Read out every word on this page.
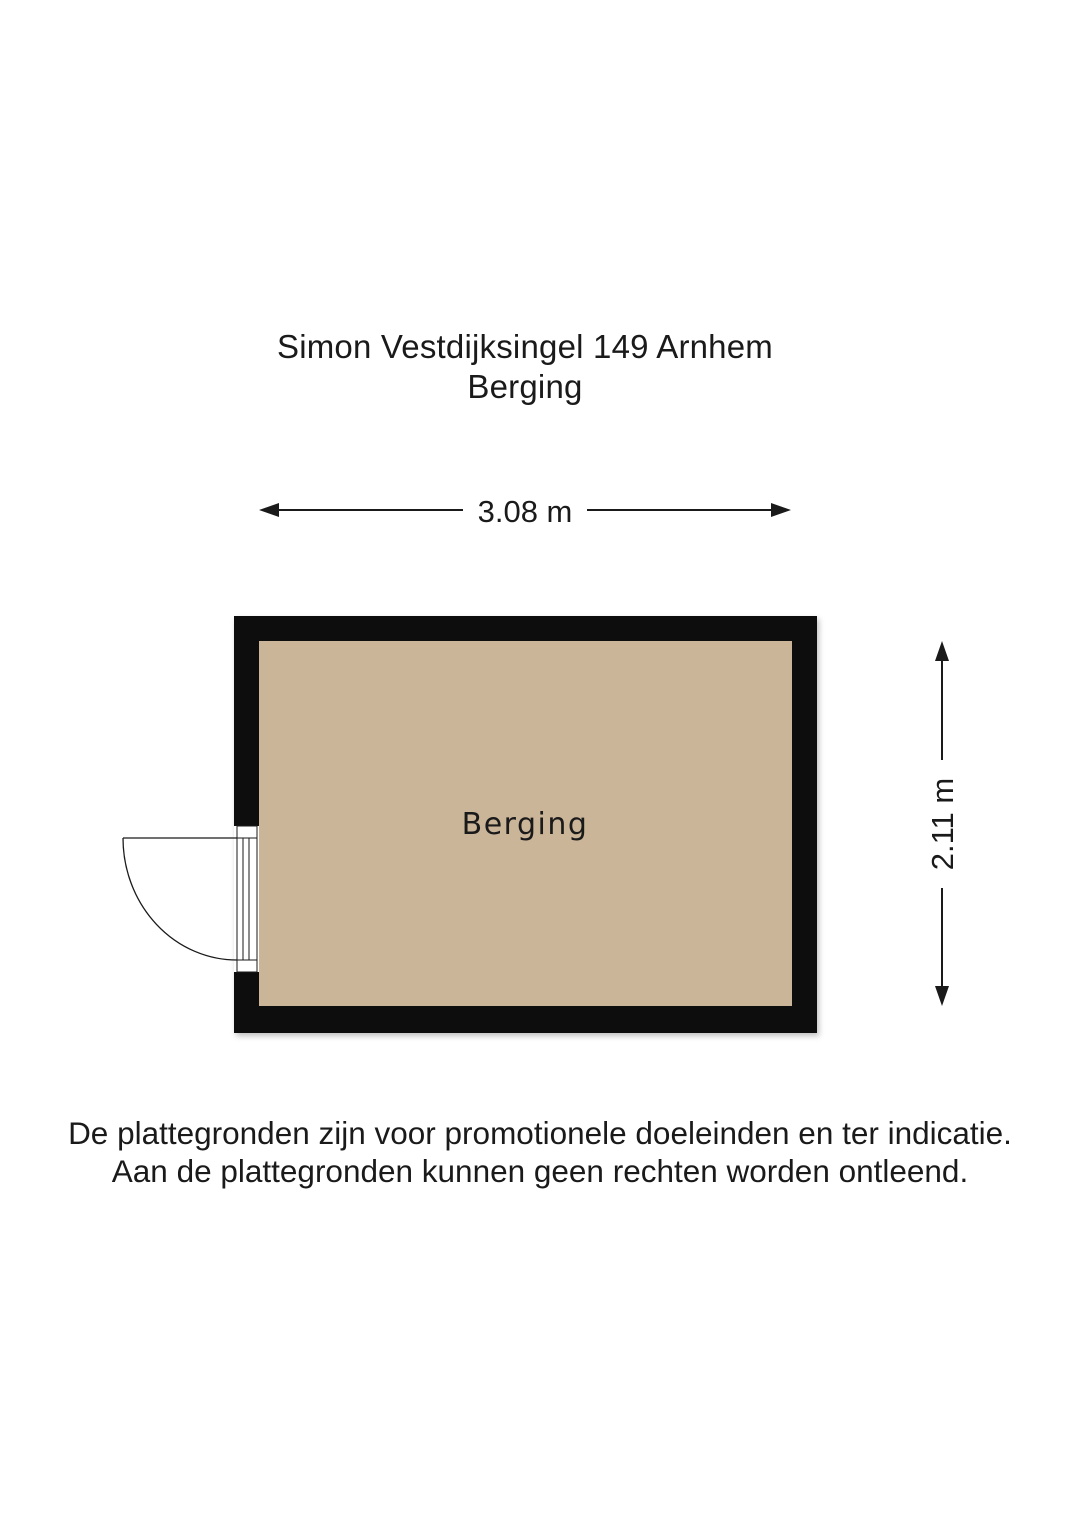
Simon Vestdijksingel 149 Arnhem
Berging
3.08 m
2.11 m
Berging
De plattegronden zijn voor promotionele doeleinden en ter indicatie.
Aan de plattegronden kunnen geen rechten worden ontleend.
